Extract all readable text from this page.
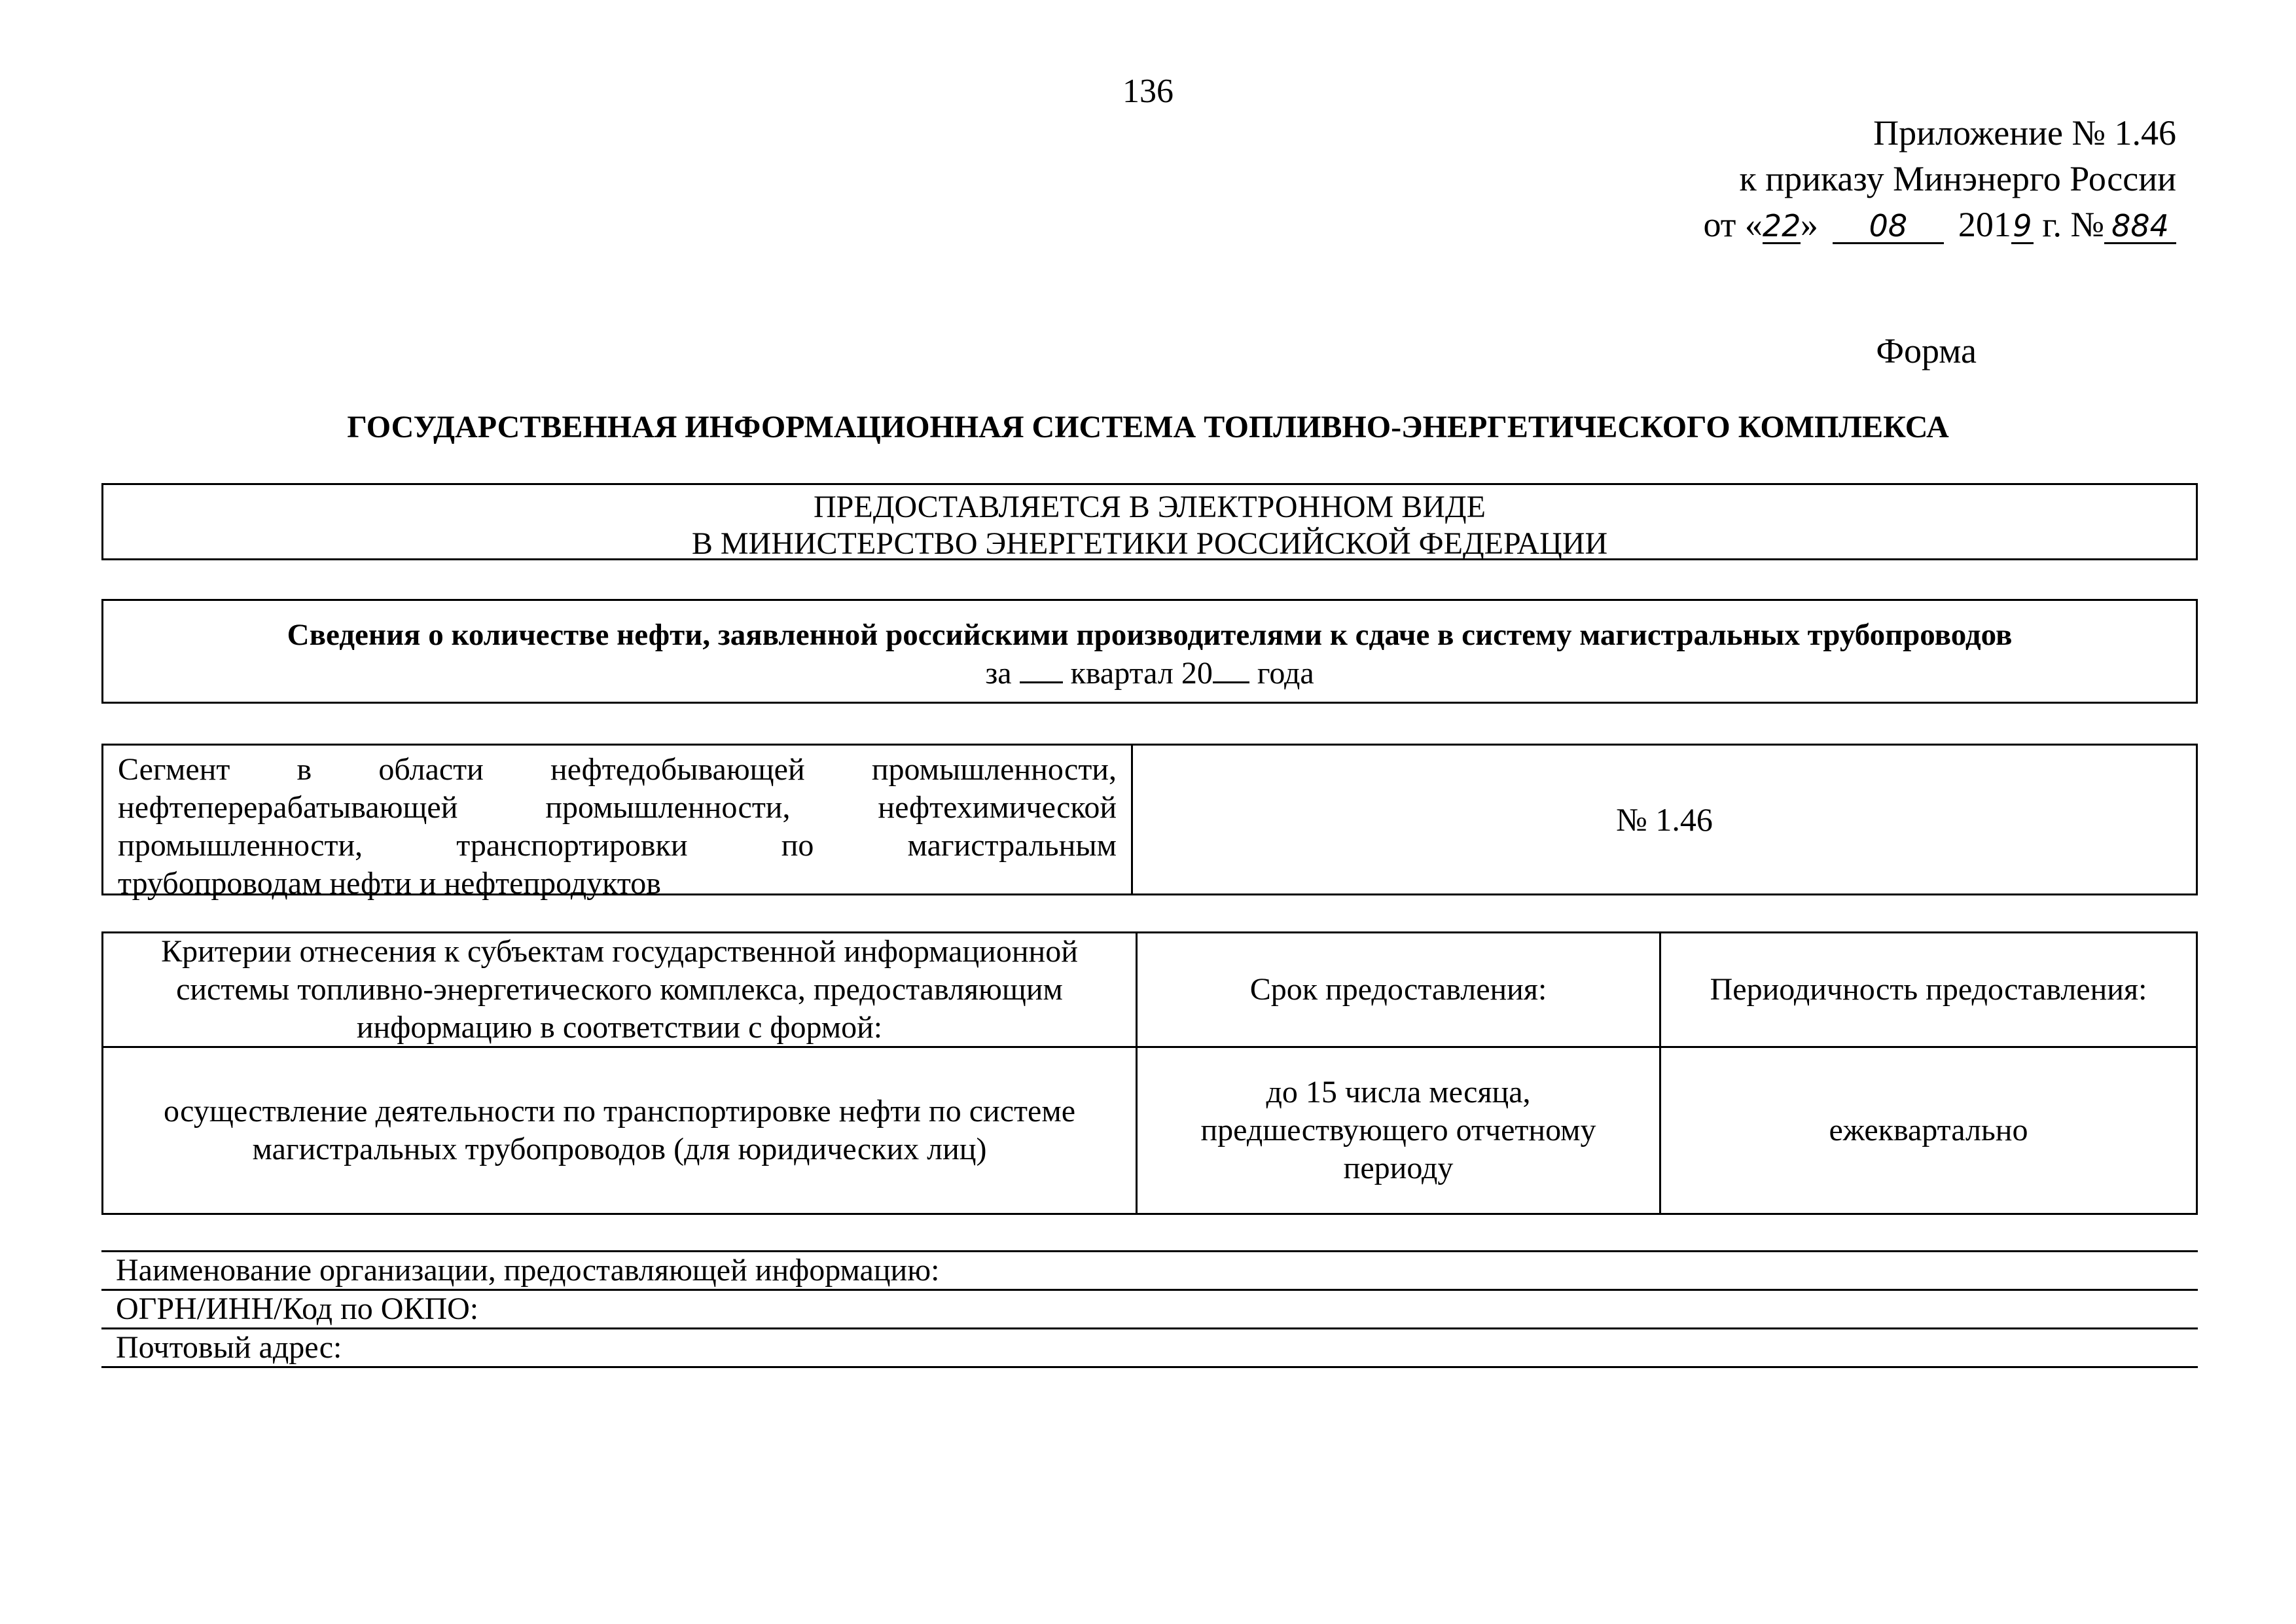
136
Приложение № 1.46
к приказу Минэнерго России
от «22» 08 2019 г. № 884
Форма
ГОСУДАРСТВЕННАЯ ИНФОРМАЦИОННАЯ СИСТЕМА ТОПЛИВНО-ЭНЕРГЕТИЧЕСКОГО КОМПЛЕКСА
ПРЕДОСТАВЛЯЕТСЯ В ЭЛЕКТРОННОМ ВИДЕ
В МИНИСТЕРСТВО ЭНЕРГЕТИКИ РОССИЙСКОЙ ФЕДЕРАЦИИ
Сведения о количестве нефти, заявленной российскими производителями к сдаче в систему магистральных трубопроводов
за  квартал 20 года
Сегмент в области нефтедобывающей промышленности,
нефтеперерабатывающей промышленности, нефтехимической
промышленности, транспортировки по магистральным
трубопроводам нефти и нефтепродуктов
№ 1.46
Критерии отнесения к субъектам государственной информационной системы топливно-энергетического комплекса, предоставляющим информацию в соответствии с формой:
Срок предоставления:	Периодичность предоставления:
осуществление деятельности по транспортировке нефти по системе магистральных трубопроводов (для юридических лиц)
до 15 числа месяца, предшествующего отчетному периоду
ежеквартально
Наименование организации, предоставляющей информацию:
ОГРН/ИНН/Код по ОКПО:
Почтовый адрес:
